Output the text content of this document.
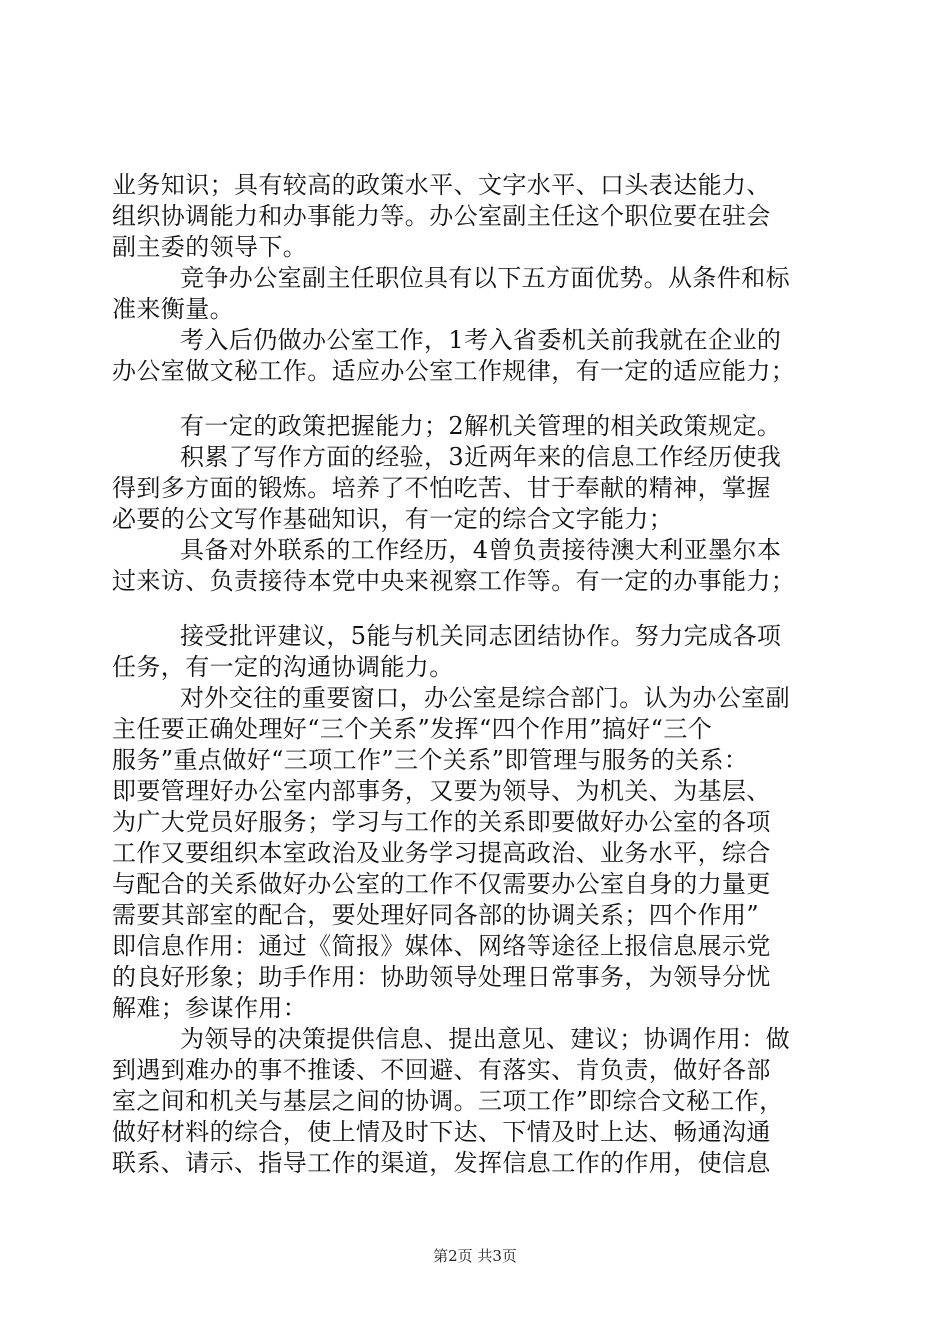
业务知识；具有较高的政策水平、文字水平、口头表达能力、
组织协调能力和办事能力等。办公室副主任这个职位要在驻会
副主委的领导下。
竞争办公室副主任职位具有以下五方面优势。从条件和标
准来衡量。
考入后仍做办公室工作，1考入省委机关前我就在企业的
办公室做文秘工作。适应办公室工作规律，有一定的适应能力；
有一定的政策把握能力；2解机关管理的相关政策规定。
积累了写作方面的经验，3近两年来的信息工作经历使我
得到多方面的锻炼。培养了不怕吃苦、甘于奉献的精神，掌握
必要的公文写作基础知识，有一定的综合文字能力；
具备对外联系的工作经历，4曾负责接待澳大利亚墨尔本
过来访、负责接待本党中央来视察工作等。有一定的办事能力；
接受批评建议，5能与机关同志团结协作。努力完成各项
任务，有一定的沟通协调能力。
对外交往的重要窗口，办公室是综合部门。认为办公室副
主任要正确处理好“三个关系”发挥“四个作用”搞好“三个
服务”重点做好“三项工作”三个关系”即管理与服务的关系：
即要管理好办公室内部事务，又要为领导、为机关、为基层、
为广大党员好服务；学习与工作的关系即要做好办公室的各项
工作又要组织本室政治及业务学习提高政治、业务水平，综合
与配合的关系做好办公室的工作不仅需要办公室自身的力量更
需要其部室的配合，要处理好同各部的协调关系；四个作用”
即信息作用：通过《简报》媒体、网络等途径上报信息展示党
的良好形象；助手作用：协助领导处理日常事务，为领导分忧
解难；参谋作用：
为领导的决策提供信息、提出意见、建议；协调作用：做
到遇到难办的事不推诿、不回避、有落实、肯负责，做好各部
室之间和机关与基层之间的协调。三项工作”即综合文秘工作，
做好材料的综合，使上情及时下达、下情及时上达、畅通沟通
联系、请示、指导工作的渠道，发挥信息工作的作用，使信息
第2页 共3页
